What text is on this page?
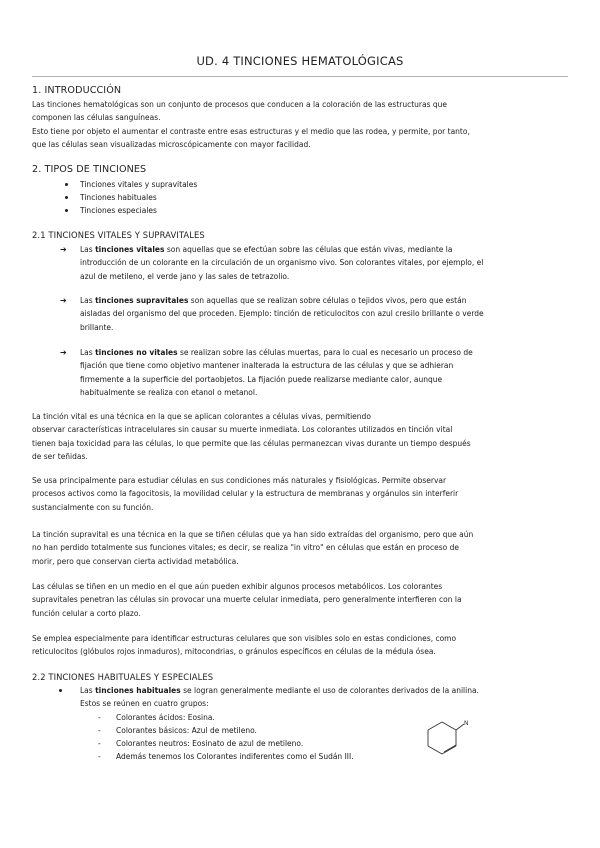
UD. 4 TINCIONES HEMATOLÓGICAS
1. INTRODUCCIÓN
Las tinciones hematológicas son un conjunto de procesos que conducen a la coloración de las estructuras que
componen las células sanguíneas.
Esto tiene por objeto el aumentar el contraste entre esas estructuras y el medio que las rodea, y permite, por tanto,
que las células sean visualizadas microscópicamente con mayor facilidad.
2. TIPOS DE TINCIONES
Tinciones vitales y supravitales
Tinciones habituales
Tinciones especiales
2.1 TINCIONES VITALES Y SUPRAVITALES
➔ Las tinciones vitales son aquellas que se efectúan sobre las células que están vivas, mediante la
introducción de un colorante en la circulación de un organismo vivo. Son colorantes vitales, por ejemplo, el
azul de metileno, el verde jano y las sales de tetrazolio.
➔ Las tinciones supravitales son aquellas que se realizan sobre células o tejidos vivos, pero que están
aisladas del organismo del que proceden. Ejemplo: tinción de reticulocitos con azul cresilo brillante o verde
brillante.
➔ Las tinciones no vitales se realizan sobre las células muertas, para lo cual es necesario un proceso de
fijación que tiene como objetivo mantener inalterada la estructura de las células y que se adhieran
firmemente a la superficie del portaobjetos. La fijación puede realizarse mediante calor, aunque
habitualmente se realiza con etanol o metanol.
La tinción vital es una técnica en la que se aplican colorantes a células vivas, permitiendo
observar características intracelulares sin causar su muerte inmediata. Los colorantes utilizados en tinción vital
tienen baja toxicidad para las células, lo que permite que las células permanezcan vivas durante un tiempo después
de ser teñidas.
Se usa principalmente para estudiar células en sus condiciones más naturales y fisiológicas. Permite observar
procesos activos como la fagocitosis, la movilidad celular y la estructura de membranas y orgánulos sin interferir
sustancialmente con su función.
La tinción supravital es una técnica en la que se tiñen células que ya han sido extraídas del organismo, pero que aún
no han perdido totalmente sus funciones vitales; es decir, se realiza "in vitro" en células que están en proceso de
morir, pero que conservan cierta actividad metabólica.
Las células se tiñen en un medio en el que aún pueden exhibir algunos procesos metabólicos. Los colorantes
supravitales penetran las células sin provocar una muerte celular inmediata, pero generalmente interfieren con la
función celular a corto plazo.
Se emplea especialmente para identificar estructuras celulares que son visibles solo en estas condiciones, como
reticulocitos (glóbulos rojos inmaduros), mitocondrias, o gránulos específicos en células de la médula ósea.
2.2 TINCIONES HABITUALES Y ESPECIALES
Las tinciones habituales se logran generalmente mediante el uso de colorantes derivados de la anilina.
Estos se reúnen en cuatro grupos:
- Colorantes ácidos: Eosina.
- Colorantes básicos: Azul de metileno.
- Colorantes neutros: Eosinato de azul de metileno.
- Además tenemos los Colorantes indiferentes como el Sudán III.
N
